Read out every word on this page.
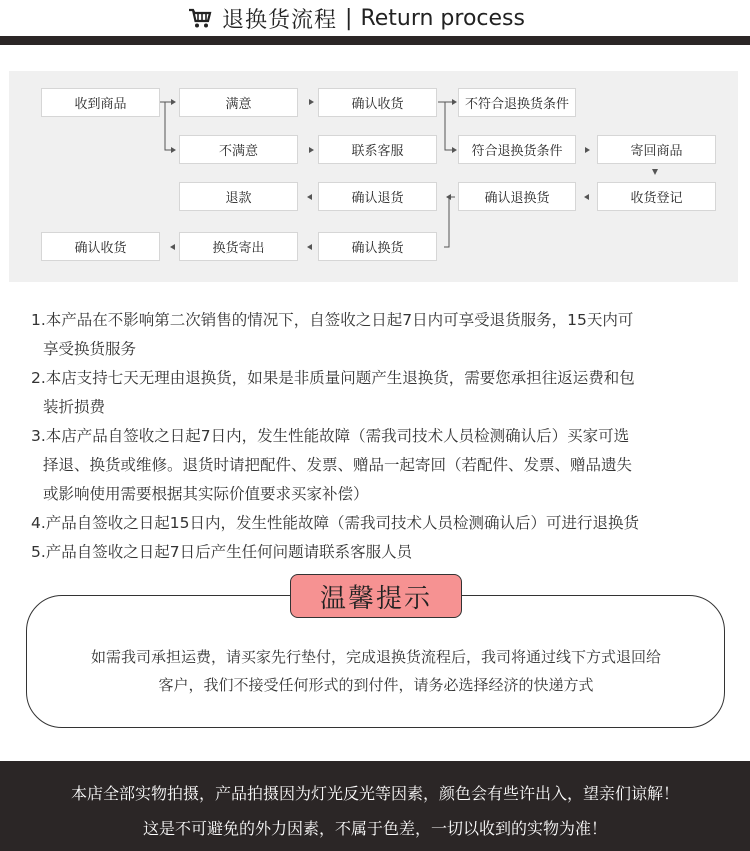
退换货流程 | Return process
收到商品	满意	确认收货	不符合退换货条件
不满意	联系客服	符合退换货条件	寄回商品
退款	确认退货	确认退换货	收货登记
确认收货	换货寄出	确认换货

1.本产品在不影响第二次销售的情况下，自签收之日起7日内可享受退货服务，15天内可

享受换货服务

2.本店支持七天无理由退换货，如果是非质量问题产生退换货，需要您承担往返运费和包

装折损费

3.本店产品自签收之日起7日内，发生性能故障（需我司技术人员检测确认后）买家可选

择退、换货或维修。退货时请把配件、发票、赠品一起寄回（若配件、发票、赠品遗失
或影响使用需要根据其实际价值要求买家补偿）

4.产品自签收之日起15日内，发生性能故障（需我司技术人员检测确认后）可进行退换货

5.产品自签收之日起7日后产生任何问题请联系客服人员

温馨提示
如需我司承担运费，请买家先行垫付，完成退换货流程后，我司将通过线下方式退回给
客户，我们不接受任何形式的到付件，请务必选择经济的快递方式

本店全部实物拍摄，产品拍摄因为灯光反光等因素，颜色会有些许出入，望亲们谅解！

这是不可避免的外力因素，不属于色差，一切以收到的实物为准！
